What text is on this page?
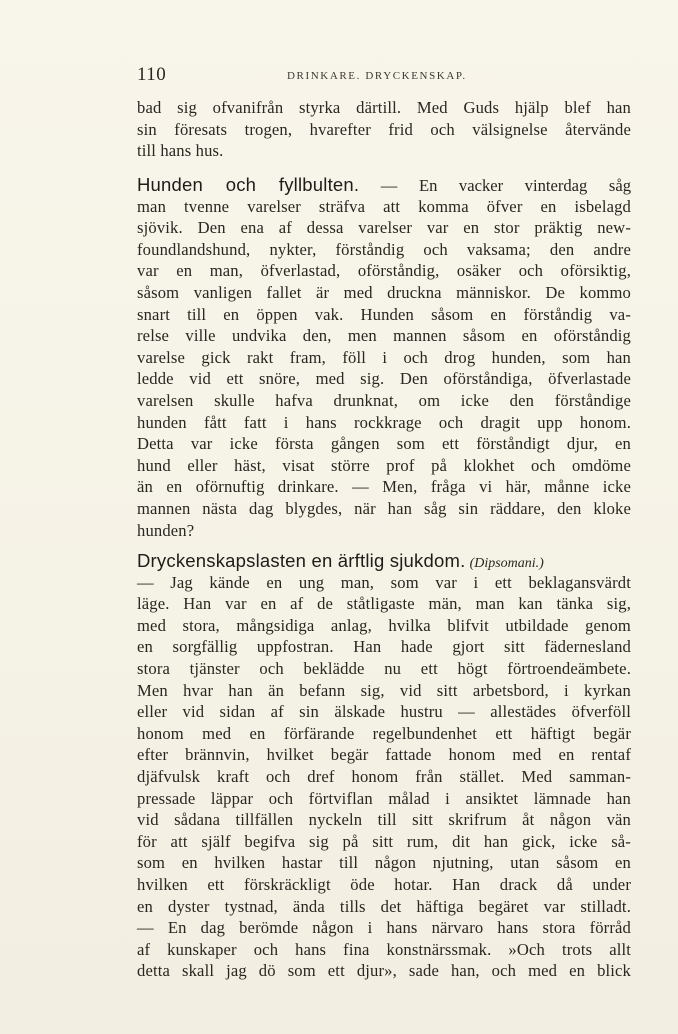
110	DRINKARE. DRYCKENSKAP.
bad sig ofvanifrån styrka därtill. Med Guds hjälp blef han
sin föresats trogen, hvarefter frid och välsignelse återvände
till hans hus.
Hunden och fyllbulten. — En vacker vinterdag såg
man tvenne varelser sträfva att komma öfver en isbelagd
sjövik. Den ena af dessa varelser var en stor präktig new-
foundlandshund, nykter, förståndig och vaksama; den andre
var en man, öfverlastad, oförståndig, osäker och oförsiktig,
såsom vanligen fallet är med druckna människor. De kommo
snart till en öppen vak. Hunden såsom en förståndig va-
relse ville undvika den, men mannen såsom en oförståndig
varelse gick rakt fram, föll i och drog hunden, som han
ledde vid ett snöre, med sig. Den oförståndiga, öfverlastade
varelsen skulle hafva drunknat, om icke den förståndige
hunden fått fatt i hans rockkrage och dragit upp honom.
Detta var icke första gången som ett förståndigt djur, en
hund eller häst, visat större prof på klokhet och omdöme
än en oförnuftig drinkare. — Men, fråga vi här, månne icke
mannen nästa dag blygdes, när han såg sin räddare, den kloke
hunden?
Dryckenskapslasten en ärftlig sjukdom. (Dipsomani.)
— Jag kände en ung man, som var i ett beklagansvärdt
läge. Han var en af de ståtligaste män, man kan tänka sig,
med stora, mångsidiga anlag, hvilka blifvit utbildade genom
en sorgfällig uppfostran. Han hade gjort sitt fädernesland
stora tjänster och beklädde nu ett högt förtroendeämbete.
Men hvar han än befann sig, vid sitt arbetsbord, i kyrkan
eller vid sidan af sin älskade hustru — allestädes öfverföll
honom med en förfärande regelbundenhet ett häftigt begär
efter brännvin, hvilket begär fattade honom med en rentaf
djäfvulsk kraft och dref honom från stället. Med samman-
pressade läppar och förtviflan målad i ansiktet lämnade han
vid sådana tillfällen nyckeln till sitt skrifrum åt någon vän
för att själf begifva sig på sitt rum, dit han gick, icke så-
som en hvilken hastar till någon njutning, utan såsom en
hvilken ett förskräckligt öde hotar. Han drack då under
en dyster tystnad, ända tills det häftiga begäret var stilladt.
— En dag berömde någon i hans närvaro hans stora förråd
af kunskaper och hans fina konstnärssmak. »Och trots allt
detta skall jag dö som ett djur», sade han, och med en blick
